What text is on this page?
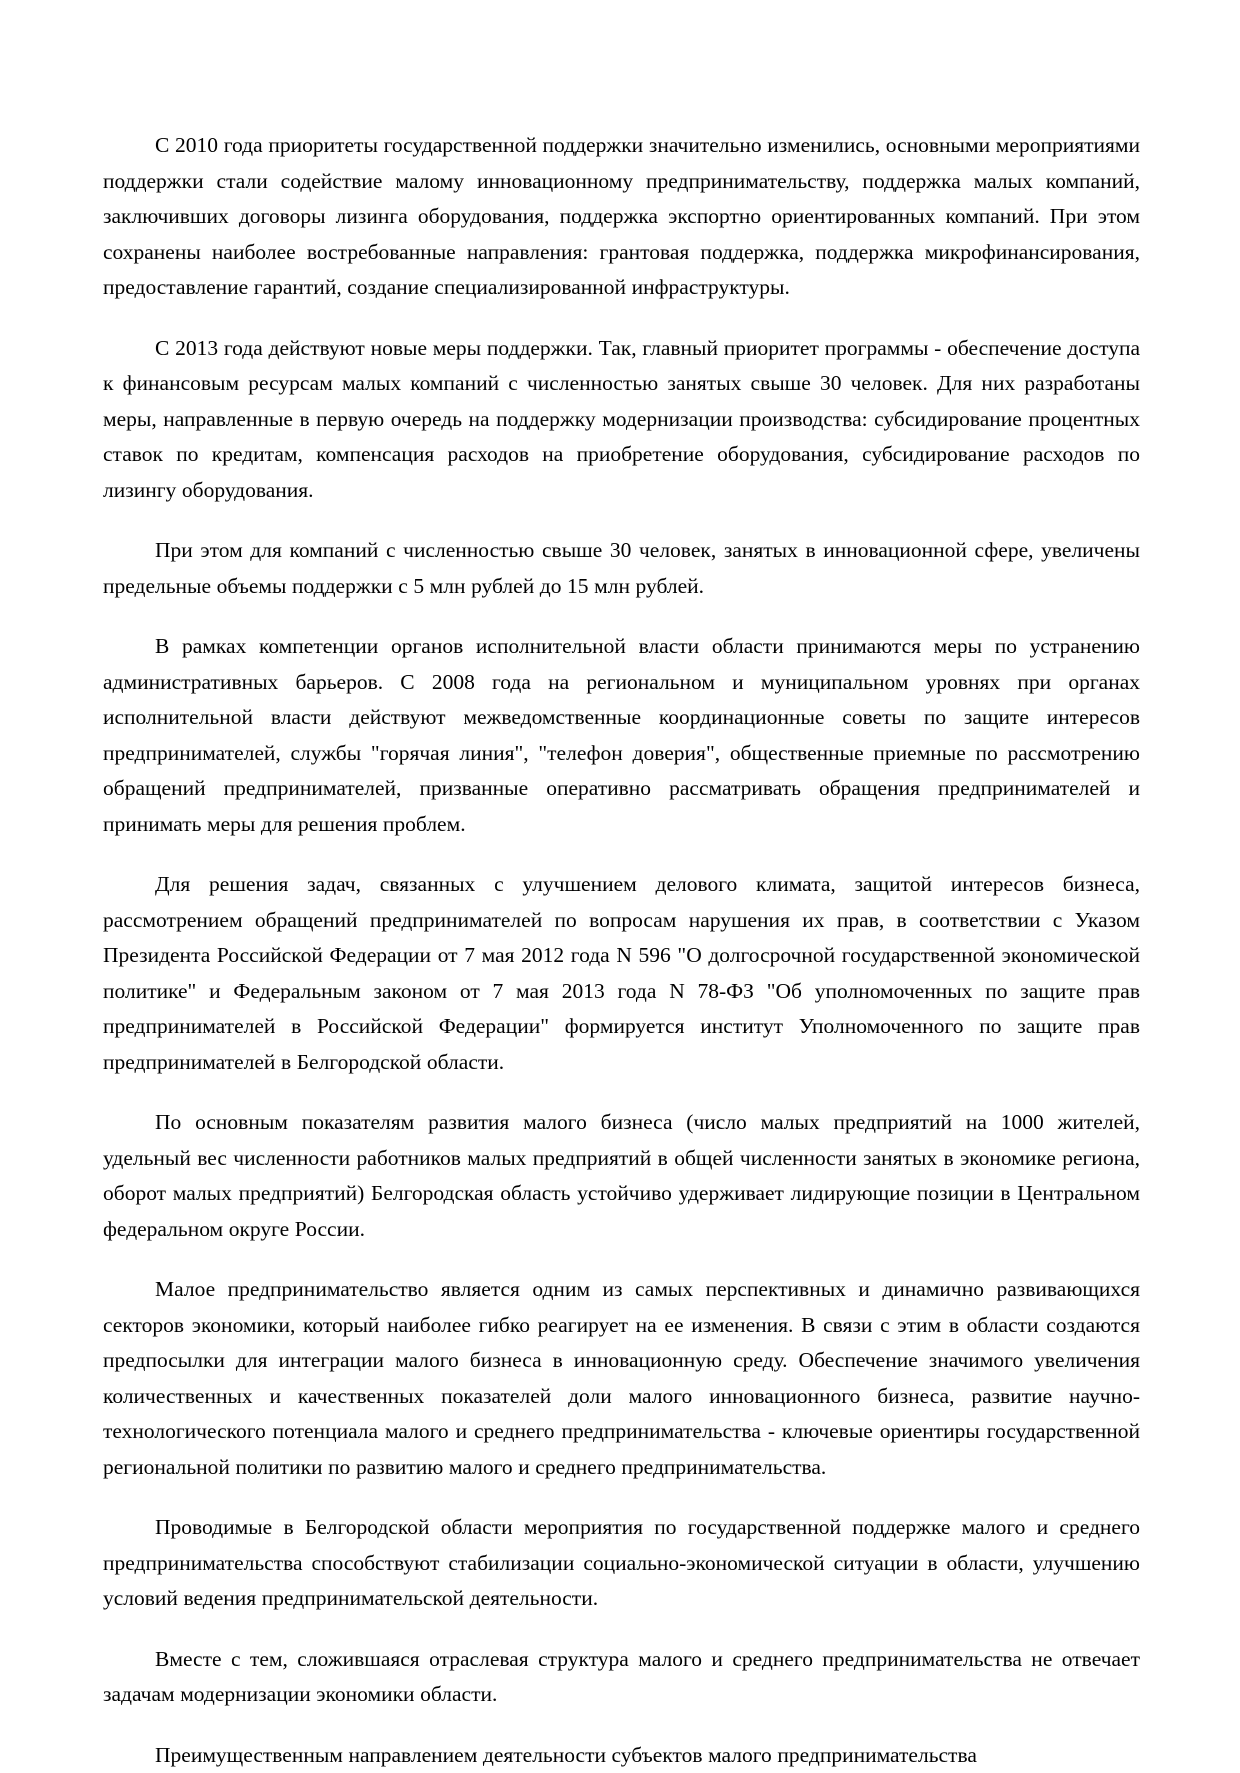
С 2010 года приоритеты государственной поддержки значительно изменились, основными мероприятиями поддержки стали содействие малому инновационному предпринимательству, поддержка малых компаний, заключивших договоры лизинга оборудования, поддержка экспортно ориентированных компаний. При этом сохранены наиболее востребованные направления: грантовая поддержка, поддержка микрофинансирования, предоставление гарантий, создание специализированной инфраструктуры.

С 2013 года действуют новые меры поддержки. Так, главный приоритет программы - обеспечение доступа к финансовым ресурсам малых компаний с численностью занятых свыше 30 человек. Для них разработаны меры, направленные в первую очередь на поддержку модернизации производства: субсидирование процентных ставок по кредитам, компенсация расходов на приобретение оборудования, субсидирование расходов по лизингу оборудования.

При этом для компаний с численностью свыше 30 человек, занятых в инновационной сфере, увеличены предельные объемы поддержки с 5 млн рублей до 15 млн рублей.

В рамках компетенции органов исполнительной власти области принимаются меры по устранению административных барьеров. С 2008 года на региональном и муниципальном уровнях при органах исполнительной власти действуют межведомственные координационные советы по защите интересов предпринимателей, службы "горячая линия", "телефон доверия", общественные приемные по рассмотрению обращений предпринимателей, призванные оперативно рассматривать обращения предпринимателей и принимать меры для решения проблем.

Для решения задач, связанных с улучшением делового климата, защитой интересов бизнеса, рассмотрением обращений предпринимателей по вопросам нарушения их прав, в соответствии с Указом Президента Российской Федерации от 7 мая 2012 года N 596 "О долгосрочной государственной экономической политике" и Федеральным законом от 7 мая 2013 года N 78-ФЗ "Об уполномоченных по защите прав предпринимателей в Российской Федерации" формируется институт Уполномоченного по защите прав предпринимателей в Белгородской области.

По основным показателям развития малого бизнеса (число малых предприятий на 1000 жителей, удельный вес численности работников малых предприятий в общей численности занятых в экономике региона, оборот малых предприятий) Белгородская область устойчиво удерживает лидирующие позиции в Центральном федеральном округе России.

Малое предпринимательство является одним из самых перспективных и динамично развивающихся секторов экономики, который наиболее гибко реагирует на ее изменения. В связи с этим в области создаются предпосылки для интеграции малого бизнеса в инновационную среду. Обеспечение значимого увеличения количественных и качественных показателей доли малого инновационного бизнеса, развитие научно-технологического потенциала малого и среднего предпринимательства - ключевые ориентиры государственной региональной политики по развитию малого и среднего предпринимательства.

Проводимые в Белгородской области мероприятия по государственной поддержке малого и среднего предпринимательства способствуют стабилизации социально-экономической ситуации в области, улучшению условий ведения предпринимательской деятельности.

Вместе с тем, сложившаяся отраслевая структура малого и среднего предпринимательства не отвечает задачам модернизации экономики области.

Преимущественным направлением деятельности субъектов малого предпринимательства
